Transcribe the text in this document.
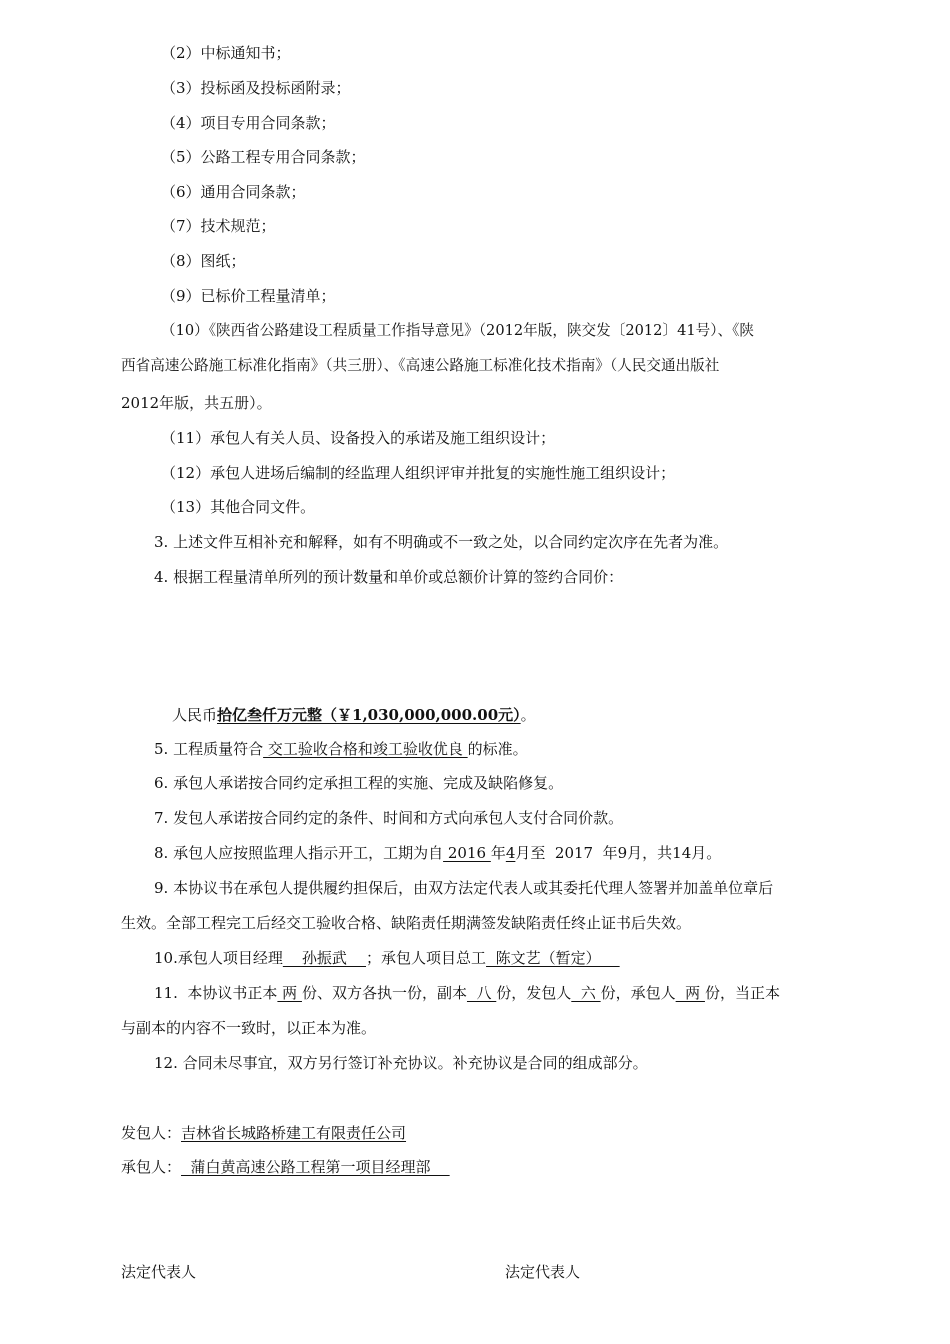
（2）中标通知书；
（3）投标函及投标函附录；
（4）项目专用合同条款；
（5）公路工程专用合同条款；
（6）通用合同条款；
（7）技术规范；
（8）图纸；
（9）已标价工程量清单；
（10）《陕西省公路建设工程质量工作指导意见》（2012年版，陕交发〔2012〕41号）、《陕
西省高速公路施工标准化指南》（共三册）、《高速公路施工标准化技术指南》（人民交通出版社
2012年版，共五册）。
（11）承包人有关人员、设备投入的承诺及施工组织设计；
（12）承包人进场后编制的经监理人组织评审并批复的实施性施工组织设计；
（13）其他合同文件。
3. 上述文件互相补充和解释，如有不明确或不一致之处，以合同约定次序在先者为准。
4. 根据工程量清单所列的预计数量和单价或总额价计算的签约合同价：
人民币拾亿叁仟万元整（￥1,030,000,000.00元）。
5. 工程质量符合 交工验收合格和竣工验收优良 的标准。
6. 承包人承诺按合同约定承担工程的实施、完成及缺陷修复。
7. 发包人承诺按合同约定的条件、时间和方式向承包人支付合同价款。
8. 承包人应按照监理人指示开工，工期为自 2016 年4月至  2017  年9月，共14月。
9. 本协议书在承包人提供履约担保后，由双方法定代表人或其委托代理人签署并加盖单位章后
生效。全部工程完工后经交工验收合格、缺陷责任期满签发缺陷责任终止证书后失效。
10.承包人项目经理    孙振武    ；承包人项目总工  陈文艺（暂定）
11.  本协议书正本 两 份、双方各执一份，副本  八 份，发包人  六 份，承包人  两 份，当正本
与副本的内容不一致时，以正本为准。
12. 合同未尽事宜，双方另行签订补充协议。补充协议是合同的组成部分。
发包人：吉林省长城路桥建工有限责任公司
承包人：  蒲白黄高速公路工程第一项目经理部
法定代表人	法定代表人
